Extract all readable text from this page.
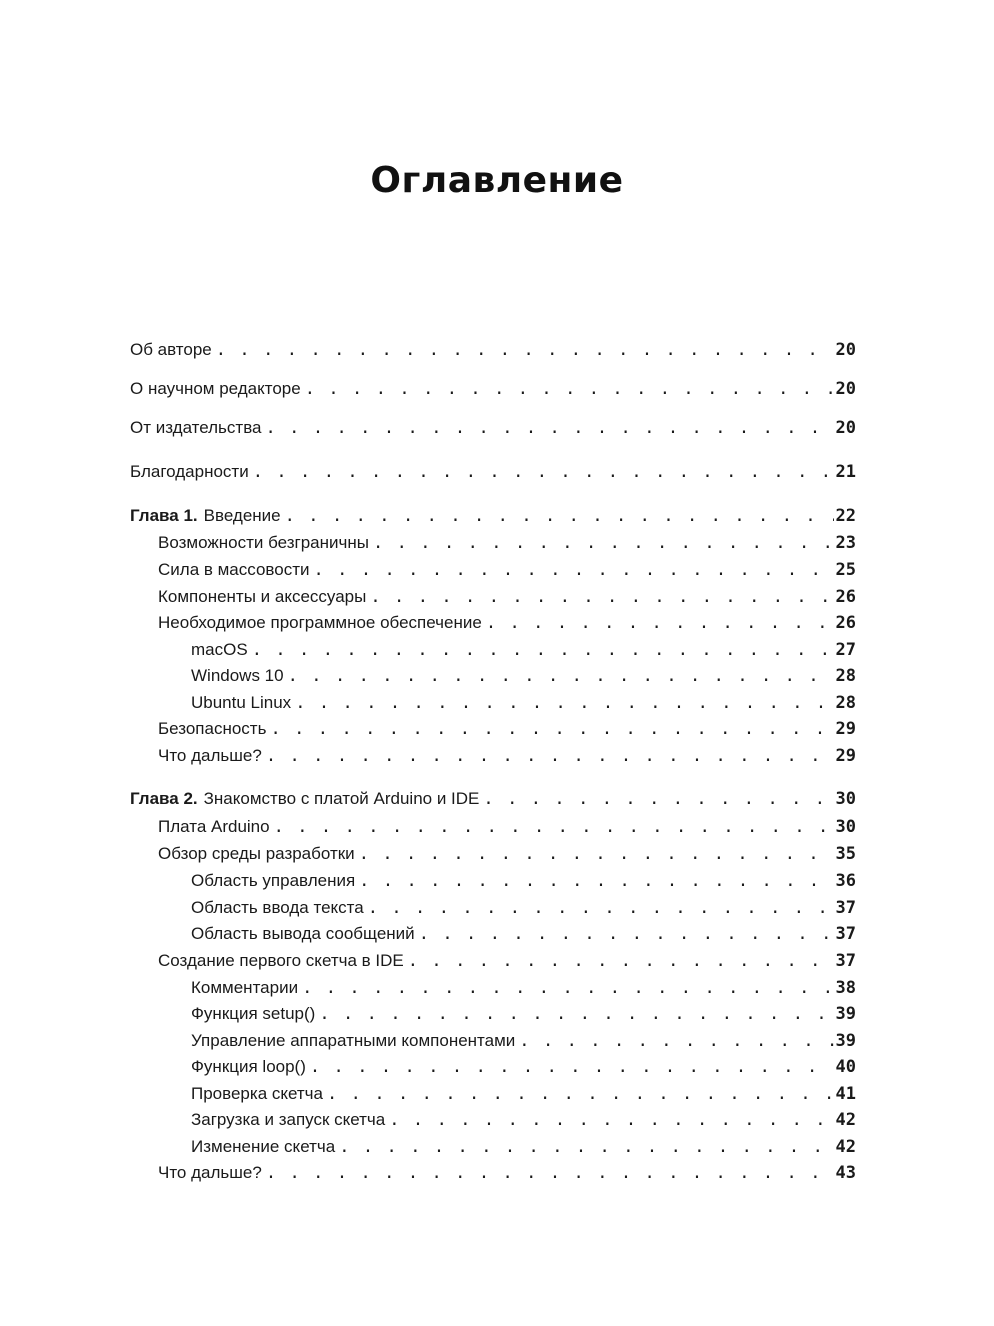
Оглавление
Об авторе . . .	20
О научном редакторе . . .	20
От издательства . . .	20
Благодарности . . .	21
Глава 1. Введение . . .	22
Возможности безграничны . . .	23
Сила в массовости . . .	25
Компоненты и аксессуары . . .	26
Необходимое программное обеспечение . . .	26
macOS . . .	27
Windows 10 . . .	28
Ubuntu Linux . . .	28
Безопасность . . .	29
Что дальше? . . .	29
Глава 2. Знакомство с платой Arduino и IDE . . .	30
Плата Arduino . . .	30
Обзор среды разработки . . .	35
Область управления . . .	36
Область ввода текста . . .	37
Область вывода сообщений . . .	37
Создание первого скетча в IDE . . .	37
Комментарии . . .	38
Функция setup() . . .	39
Управление аппаратными компонентами . . .	39
Функция loop() . . .	40
Проверка скетча . . .	41
Загрузка и запуск скетча . . .	42
Изменение скетча . . .	42
Что дальше? . . .	43
